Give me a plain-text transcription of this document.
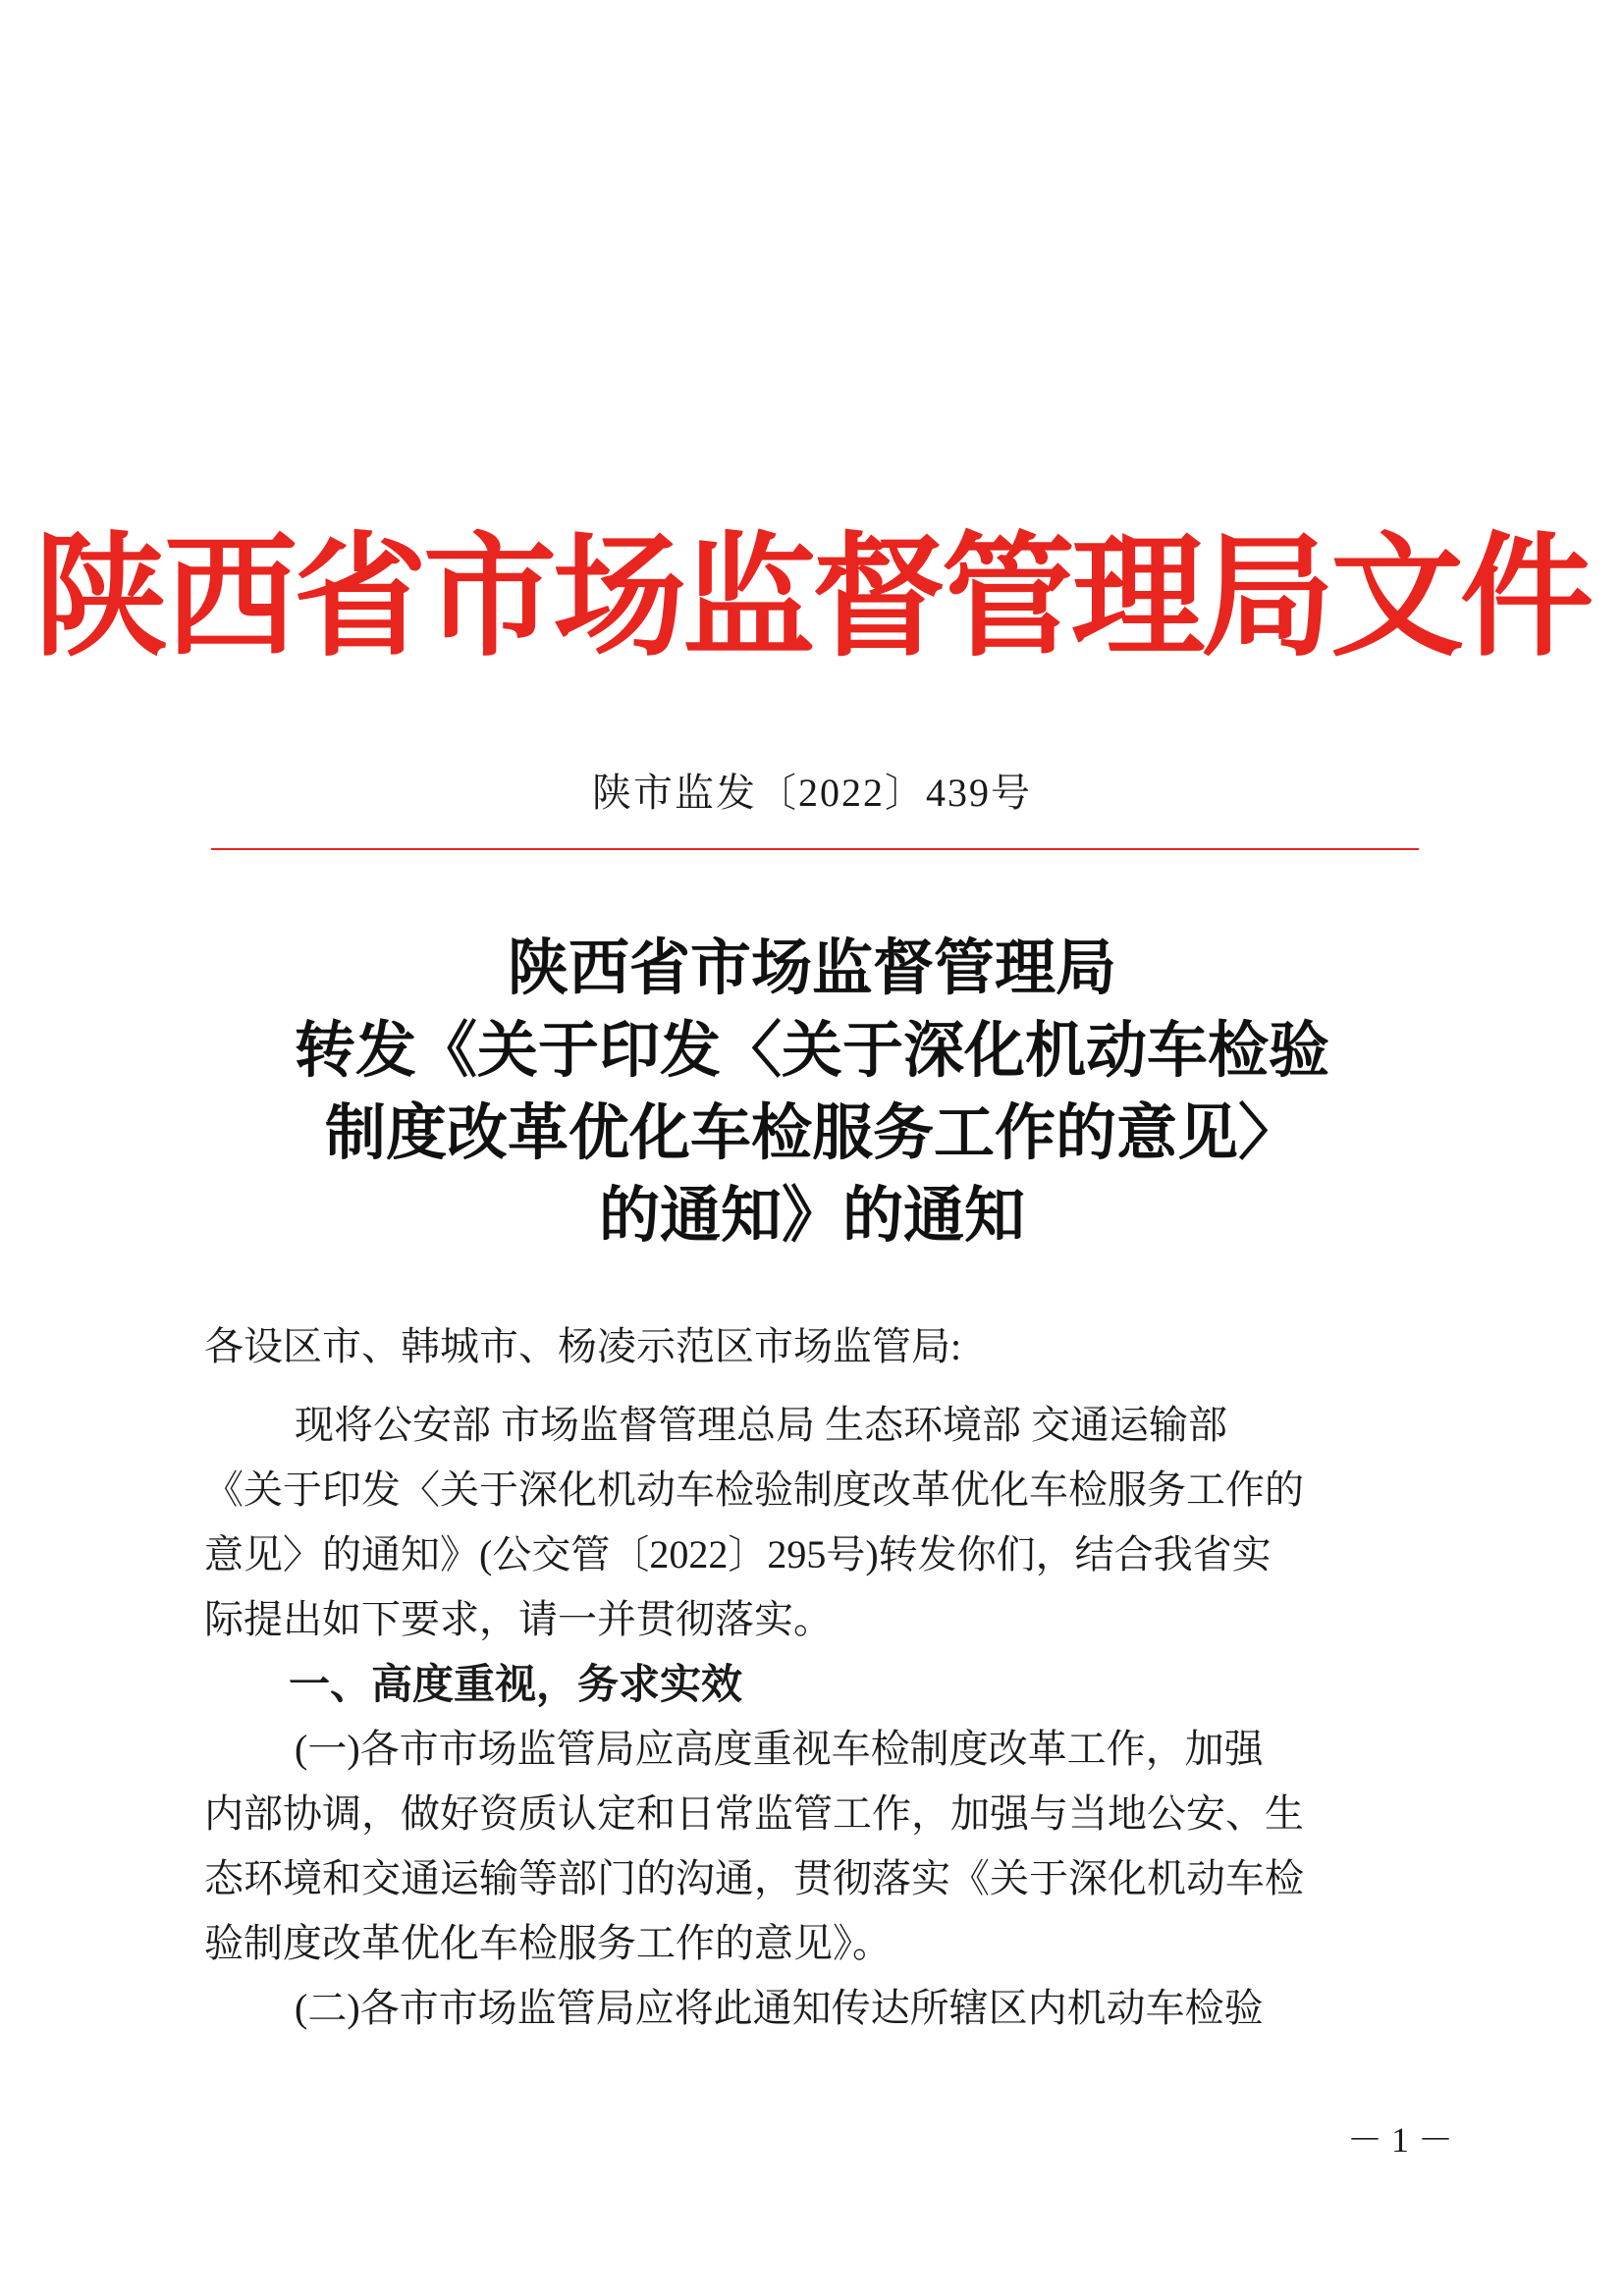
陕西省市场监督管理局文件
陕市监发〔2022〕439号
陕西省市场监督管理局
转发《关于印发〈关于深化机动车检验
制度改革优化车检服务工作的意见〉
的通知》的通知
各设区市、韩城市、杨凌示范区市场监管局:
现将公安部 市场监督管理总局 生态环境部 交通运输部
《关于印发〈关于深化机动车检验制度改革优化车检服务工作的
意见〉的通知》(公交管〔2022〕295号)转发你们，结合我省实
际提出如下要求，请一并贯彻落实。
一、高度重视，务求实效
(一)各市市场监管局应高度重视车检制度改革工作，加强
内部协调，做好资质认定和日常监管工作，加强与当地公安、生
态环境和交通运输等部门的沟通，贯彻落实《关于深化机动车检
验制度改革优化车检服务工作的意见》。
(二)各市市场监管局应将此通知传达所辖区内机动车检验
－ 1 －
